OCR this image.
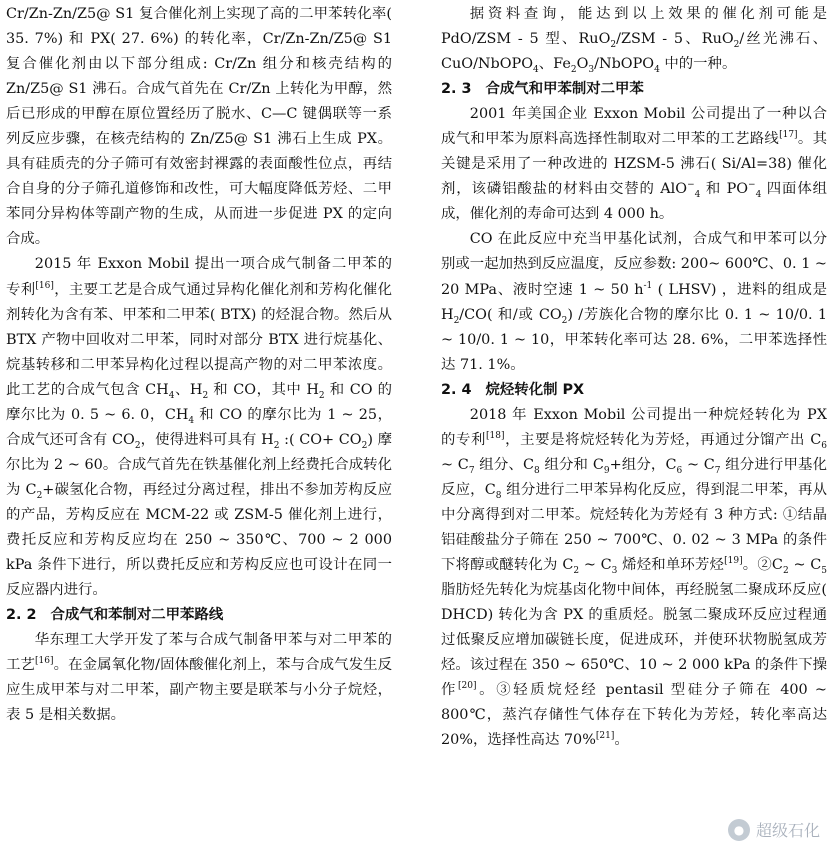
Cr/Zn-Zn/Z5@ S1 复合催化剂上实现了高的二甲苯转化率( 35. 7%) 和 PX( 27. 6%) 的转化率，Cr/Zn-Zn/Z5@ S1 复合催化剂由以下部分组成: Cr/Zn 组分和核壳结构的 Zn/Z5@ S1 沸石。合成气首先在 Cr/Zn 上转化为甲醇，然后已形成的甲醇在原位置经历了脱水、C—C 键偶联等一系列反应步骤，在核壳结构的 Zn/Z5@ S1 沸石上生成 PX。具有硅质壳的分子筛可有效密封裸露的表面酸性位点，再结合自身的分子筛孔道修饰和改性，可大幅度降低芳烃、二甲苯同分异构体等副产物的生成，从而进一步促进 PX 的定向合成。

2015 年 Exxon Mobil 提出一项合成气制备二甲苯的专利[16]，主要工艺是合成气通过异构化催化剂和芳构化催化剂转化为含有苯、甲苯和二甲苯( BTX) 的烃混合物。然后从 BTX 产物中回收对二甲苯，同时对部分 BTX 进行烷基化、烷基转移和二甲苯异构化过程以提高产物的对二甲苯浓度。此工艺的合成气包含 $CH_4$、$H_2$ 和 CO，其中 $H_2$ 和 CO 的摩尔比为 0. 5 ~ 6. 0，$CH_4$ 和 CO 的摩尔比为 1 ~ 25，合成气还可含有 $CO_2$，使得进料可具有 $H_2$ :( $CO+ CO_2$) 摩尔比为 2 ~ 60。合成气首先在铁基催化剂上经费托合成转化为 $C_2+$碳氢化合物，再经过分离过程，排出不参加芳构反应的产品，芳构反应在 MCM-22 或 ZSM-5 催化剂上进行，费托反应和芳构反应均在 250 ~ 350℃、700 ~ 2 000 kPa 条件下进行，所以费托反应和芳构反应也可设计在同一反应器内进行。

2. 2 合成气和苯制对二甲苯路线

华东理工大学开发了苯与合成气制备甲苯与对二甲苯的工艺[16]。在金属氧化物/固体酸催化剂上，苯与合成气发生反应生成甲苯与对二甲苯，副产物主要是联苯与小分子烷烃，表 5 是相关数据。

据资料查询，能达到以上效果的催化剂可能是 PdO/ZSM - 5 型、RuO$_2$/ZSM - 5、RuO$_2$/丝光沸石、CuO/NbOPO$_4$、$Fe_2O_3/NbOPO_4$ 中的一种。

2. 3 合成气和甲苯制对二甲苯

2001 年美国企业 Exxon Mobil 公司提出了一种以合成气和甲苯为原料高选择性制取对二甲苯的工艺路线[17]。其关键是采用了一种改进的 HZSM-5 沸石( Si/Al=38) 催化剂，该磷铝酸盐的材料由交替的 AlO−$_4$ 和 $PO^-_4$ 四面体组成，催化剂的寿命可达到 4 000 h。

CO 在此反应中充当甲基化试剂，合成气和甲苯可以分别或一起加热到反应温度，反应参数: 200~ 600℃、0. 1 ~ 20 MPa、液时空速 1 ~ 50 $h^{-1}$ ( LHSV) ，进料的组成是 $H_2/CO$( 和/或 $CO_2$) /芳族化合物的摩尔比 0. 1 ~ 10/0. 1 ~ 10/0. 1 ~ 10，甲苯转化率可达 28. 6%，二甲苯选择性达 71. 1%。

2. 4 烷烃转化制 PX

2018 年 Exxon Mobil 公司提出一种烷烃转化为 PX 的专利[18]，主要是将烷烃转化为芳烃，再通过分馏产出 $C_6$ ~ $C_7$ 组分、$C_8$ 组分和 $C_9+$组分，$C_6$ ~ $C_7$ 组分进行甲基化反应，$C_8$ 组分进行二甲苯异构化反应，得到混二甲苯，再从中分离得到对二甲苯。烷烃转化为芳烃有 3 种方式: ①结晶铝硅酸盐分子筛在 250 ~ 700℃、0. 02 ~ 3 MPa 的条件下将醇或醚转化为 $C_2$ ~ $C_3$ 烯烃和单环芳烃[19]。$②C_2$ ~ $C_5$ 脂肪烃先转化为烷基卤化物中间体，再经脱氢二聚成环反应( DHCD) 转化为含 PX 的重质烃。脱氢二聚成环反应过程通过低聚反应增加碳链长度，促进成环，并使环状物脱氢成芳烃。该过程在 350 ~ 650℃、10 ~ 2 000 kPa 的条件下操作[20]。③轻质烷烃经 pentasil 型硅分子筛在 400 ~ 800℃，蒸汽存储性气体存在下转化为芳烃，转化率高达 20%，选择性高达 70%[21]。

● 超级石化
